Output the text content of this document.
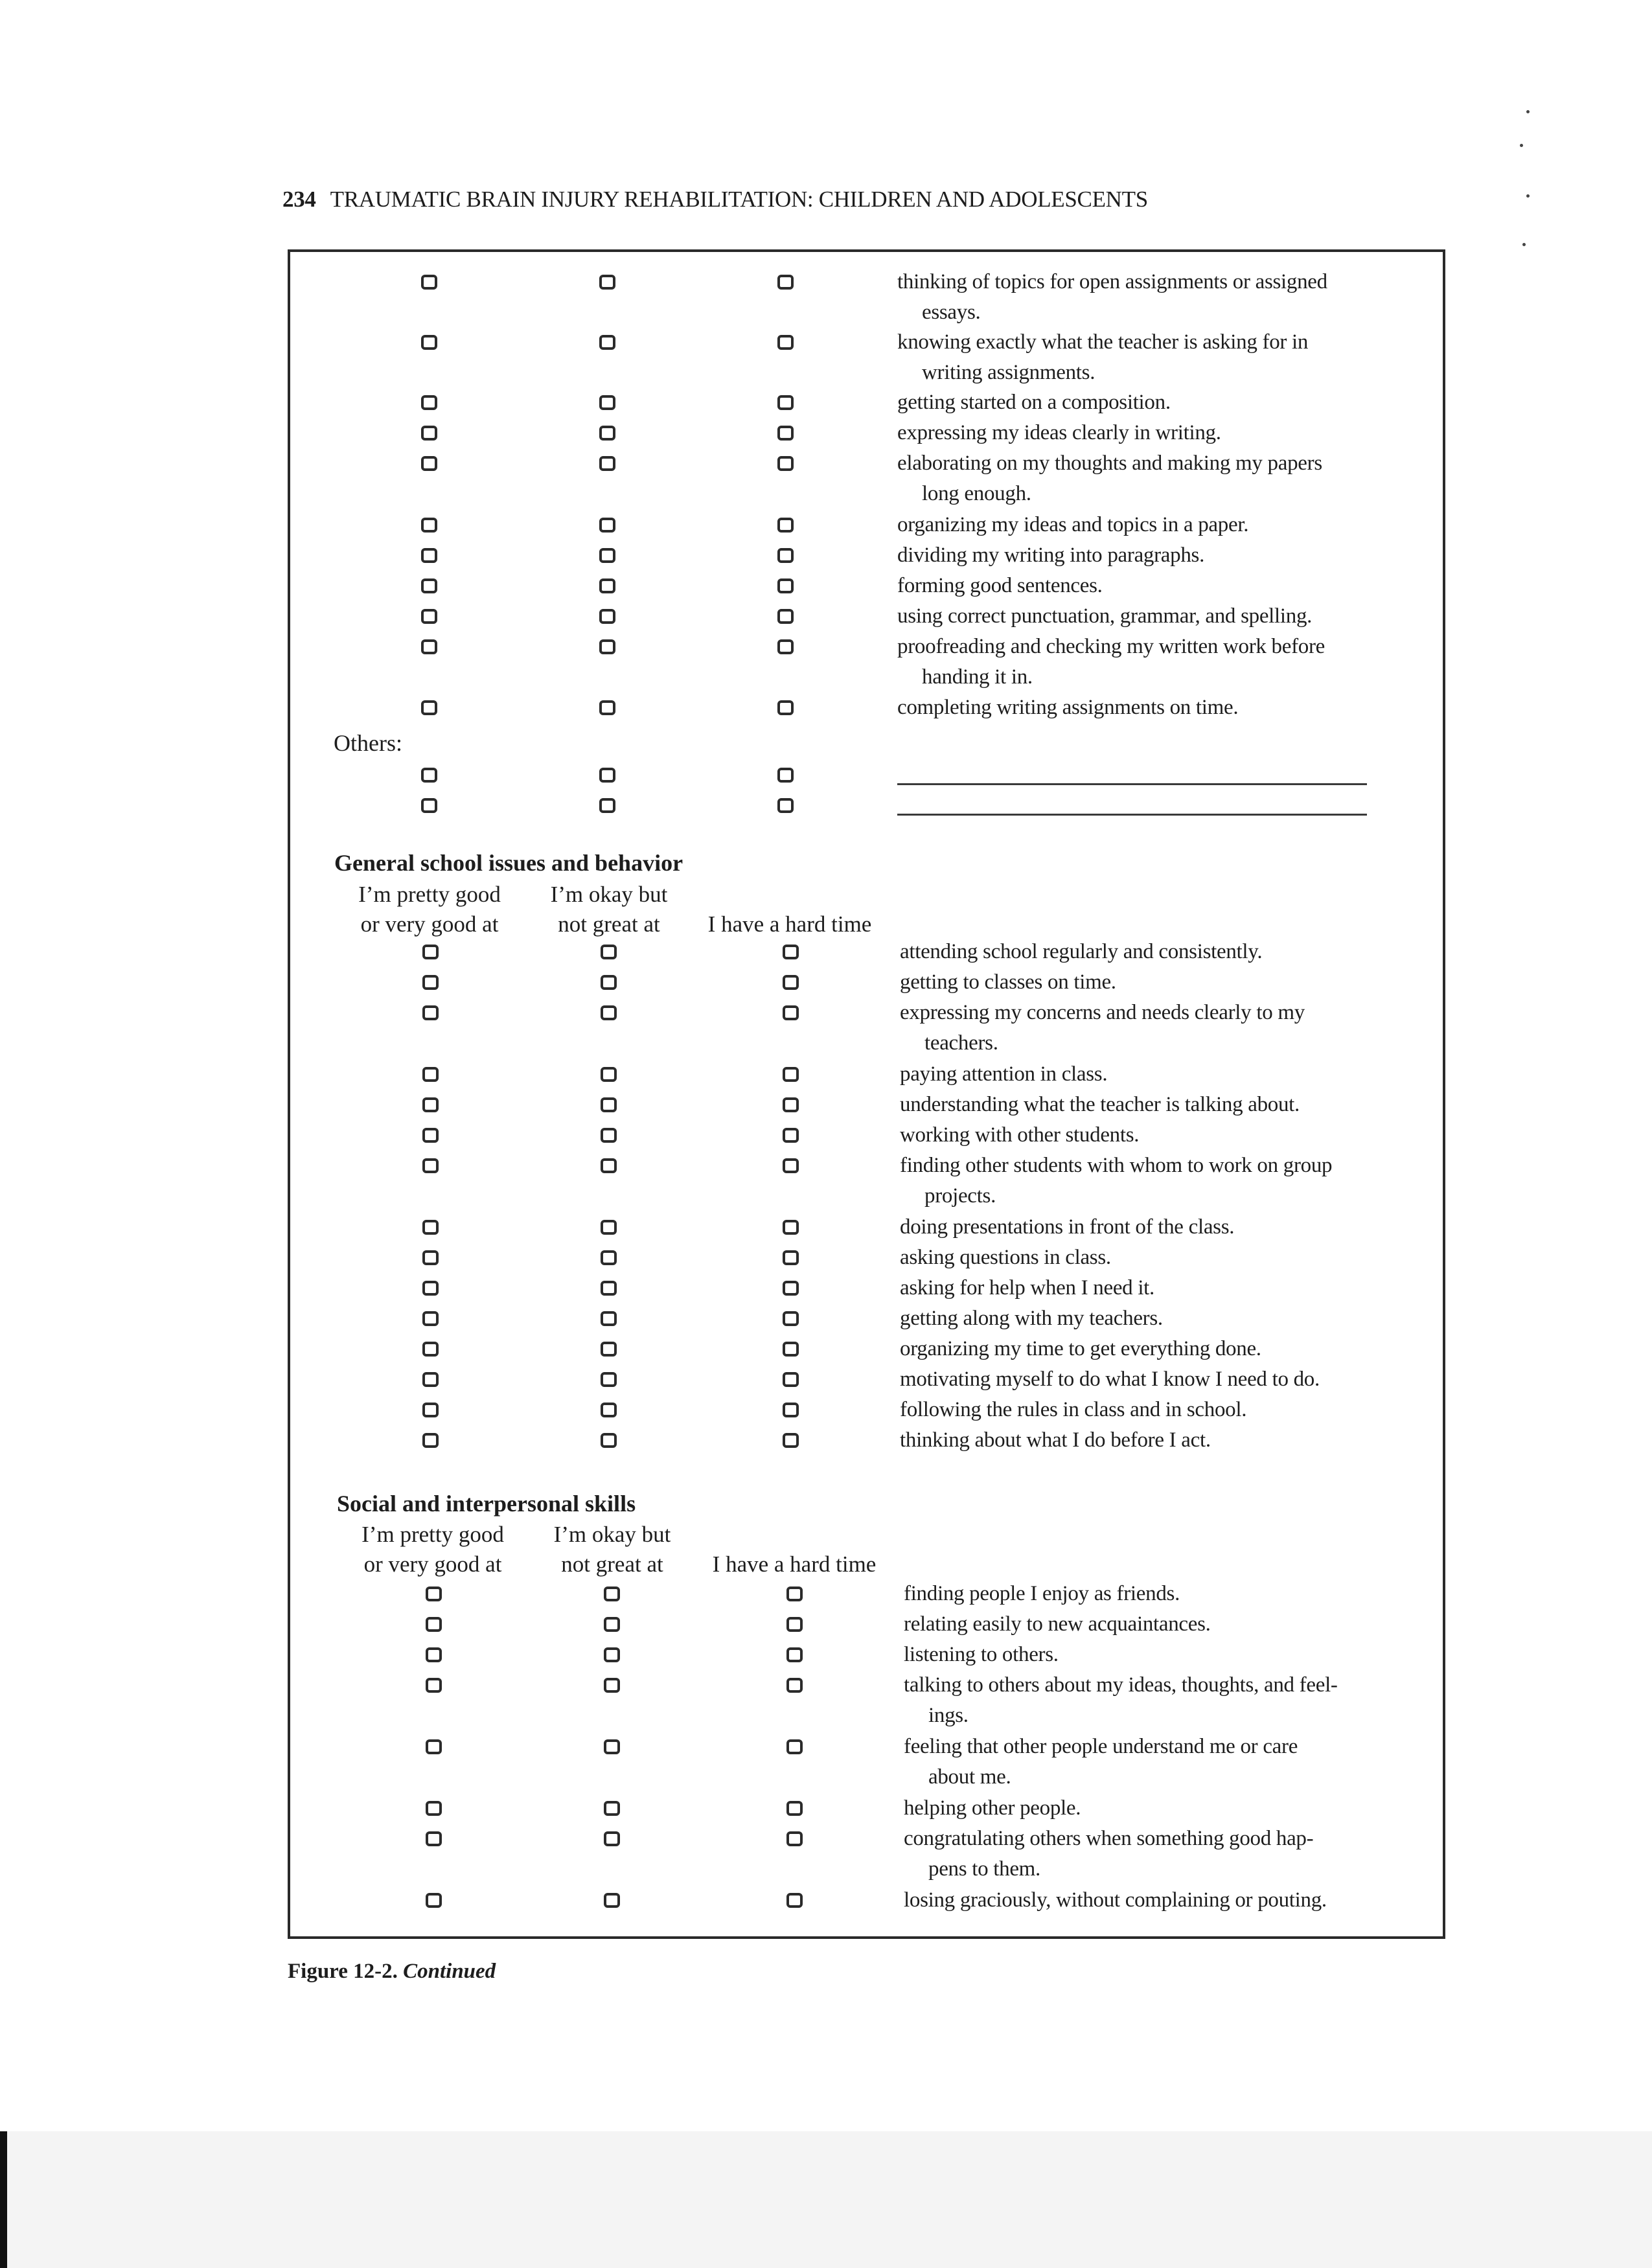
234 TRAUMATIC BRAIN INJURY REHABILITATION: CHILDREN AND ADOLESCENTS
thinking of topics for open assignments or assigned
essays.
knowing exactly what the teacher is asking for in
writing assignments.
getting started on a composition.
expressing my ideas clearly in writing.
elaborating on my thoughts and making my papers
long enough.
organizing my ideas and topics in a paper.
dividing my writing into paragraphs.
forming good sentences.
using correct punctuation, grammar, and spelling.
proofreading and checking my written work before
handing it in.
completing writing assignments on time.
Others:
General school issues and behavior
I’m pretty good
or very good at
I’m okay but
not great at	I have a hard time
attending school regularly and consistently.
getting to classes on time.
expressing my concerns and needs clearly to my
teachers.
paying attention in class.
understanding what the teacher is talking about.
working with other students.
finding other students with whom to work on group
projects.
doing presentations in front of the class.
asking questions in class.
asking for help when I need it.
getting along with my teachers.
organizing my time to get everything done.
motivating myself to do what I know I need to do.
following the rules in class and in school.
thinking about what I do before I act.
Social and interpersonal skills
I’m pretty good
or very good at
I’m okay but
not great at	I have a hard time
finding people I enjoy as friends.
relating easily to new acquaintances.
listening to others.
talking to others about my ideas, thoughts, and feel-
ings.
feeling that other people understand me or care
about me.
helping other people.
congratulating others when something good hap-
pens to them.
losing graciously, without complaining or pouting.
Figure 12-2. Continued
